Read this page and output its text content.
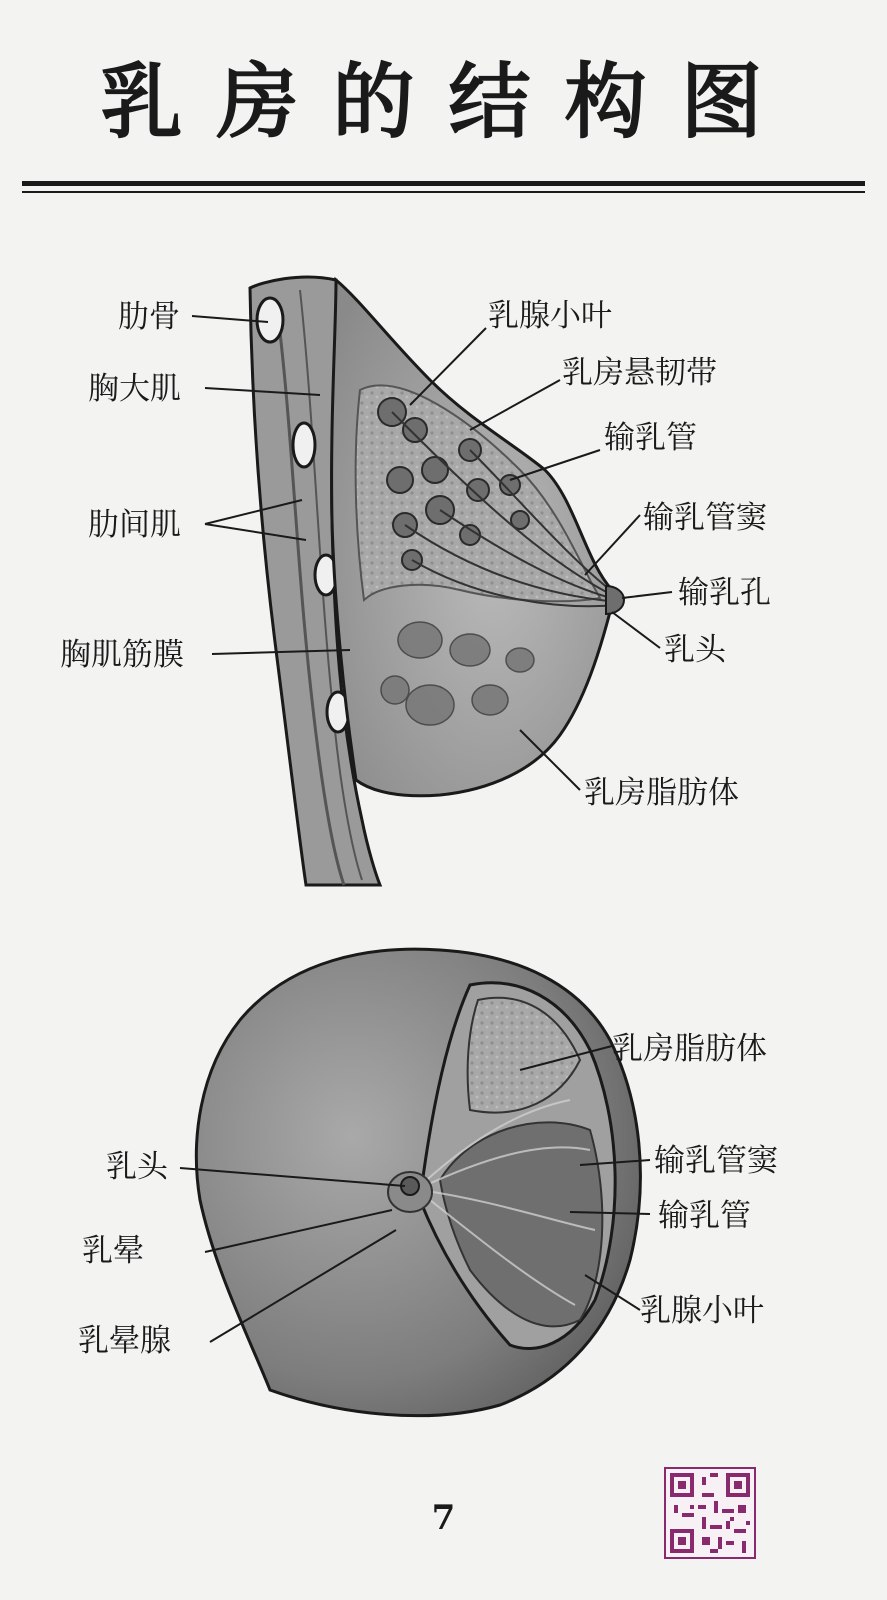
乳房的结构图
肋骨
胸大肌
肋间肌
胸肌筋膜
乳腺小叶
乳房悬韧带
输乳管
输乳管窦
输乳孔
乳头
乳房脂肪体
乳房脂肪体
输乳管窦
输乳管
乳腺小叶
乳头
乳晕
乳晕腺
7
